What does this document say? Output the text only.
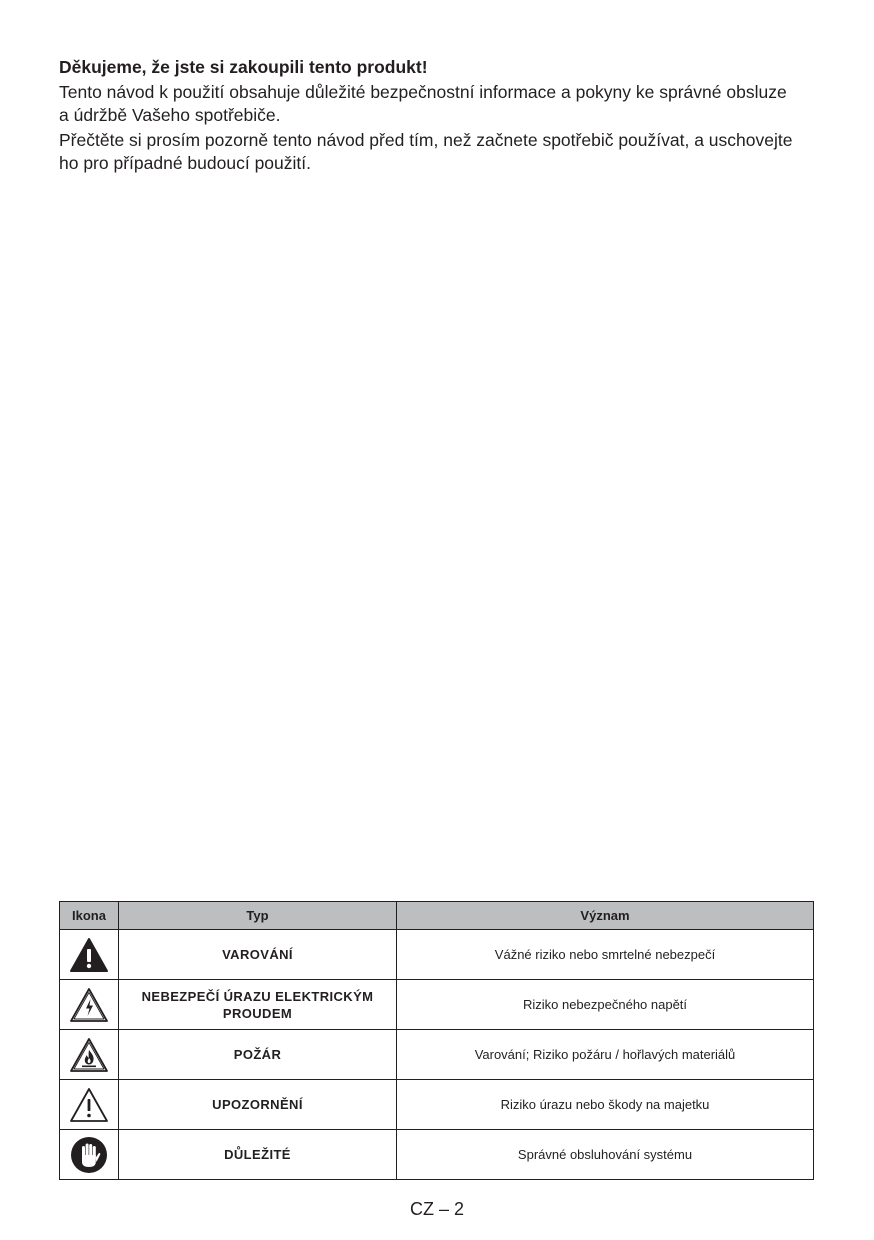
Děkujeme, že jste si zakoupili tento produkt!

Tento návod k použití obsahuje důležité bezpečnostní informace a pokyny ke správné obsluze a údržbě Vašeho spotřebiče.

Přečtěte si prosím pozorně tento návod před tím, než začnete spotřebič používat, a uschovejte ho pro případné budoucí použití.

Ikona	Typ	Význam

	VAROVÁNÍ	Vážné riziko nebo smrtelné nebezpečí

	NEBEZPEČÍ ÚRAZU ELEKTRICKÝM PROUDEM	Riziko nebezpečného napětí

	POŽÁR	Varování; Riziko požáru / hořlavých materiálů

	UPOZORNĚNÍ	Riziko úrazu nebo škody na majetku

	DŮLEŽITÉ	Správné obsluhování systému
CZ – 2
